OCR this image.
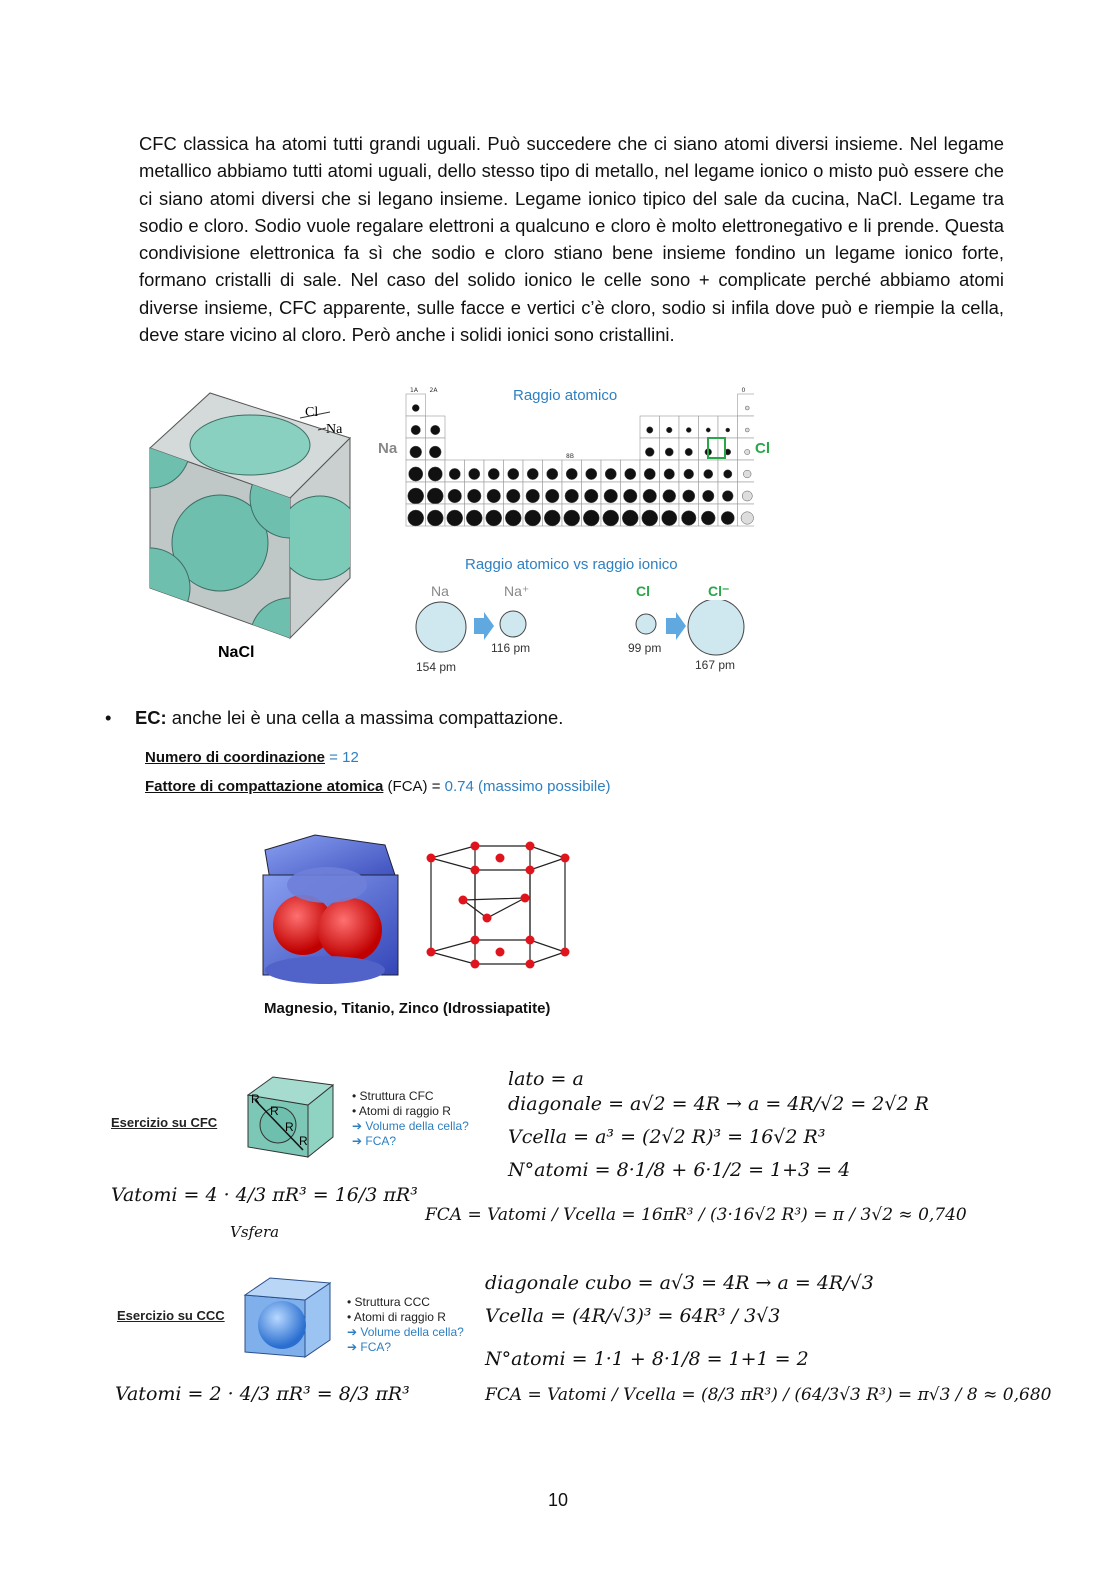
CFC classica ha atomi tutti grandi uguali. Può succedere che ci siano atomi diversi insieme. Nel legame metallico abbiamo tutti atomi uguali, dello stesso tipo di metallo, nel legame ionico o misto può essere che ci siano atomi diversi che si legano insieme. Legame ionico tipico del sale da cucina, NaCl. Legame tra sodio e cloro. Sodio vuole regalare elettroni a qualcuno e cloro è molto elettronegativo e li prende. Questa condivisione elettronica fa sì che sodio e cloro stiano bene insieme fondino un legame ionico forte, formano cristalli di sale. Nel caso del solido ionico le celle sono + complicate perché abbiamo atomi diverse insieme, CFC apparente, sulle facce e vertici c’è cloro, sodio si infila dove può e riempie la cella, deve stare vicino al cloro. Però anche i solidi ionici sono cristallini.
Cl
Na
NaCl
Raggio atomico
Na	Cl
1A 2A	0
8B
Raggio atomico vs raggio ionico
Na	Na⁺	Cl	Cl⁻
154 pm
116 pm	99 pm
167 pm
• EC: anche lei è una cella a massima compattazione.
Numero di coordinazione = 12
Fattore di compattazione atomica (FCA) = 0.74 (massimo possibile)
Magnesio, Titanio, Zinco (Idrossiapatite)
Esercizio su CFC
R
R
R
R
• Struttura CFC
• Atomi di raggio R
➔ Volume della cella?
➔ FCA?
lato = a
diagonale = a√2 = 4R → a = 4R/√2 = 2√2 R
Vcella = a³ = (2√2 R)³ = 16√2 R³
N°atomi = 8·1/8 + 6·1/2 = 1+3 = 4
Vatomi = 4 · 4/3 πR³ = 16/3 πR³
Vsfera
FCA = Vatomi / Vcella = 16πR³ / (3·16√2 R³) = π / 3√2 ≈ 0,740
Esercizio su CCC
• Struttura CCC
• Atomi di raggio R
➔ Volume della cella?
➔ FCA?
diagonale cubo = a√3 = 4R → a = 4R/√3
Vcella = (4R/√3)³ = 64R³ / 3√3
N°atomi = 1·1 + 8·1/8 = 1+1 = 2
Vatomi = 2 · 4/3 πR³ = 8/3 πR³	FCA = Vatomi / Vcella = (8/3 πR³) / (64/3√3 R³) = π√3 / 8 ≈ 0,680
10
